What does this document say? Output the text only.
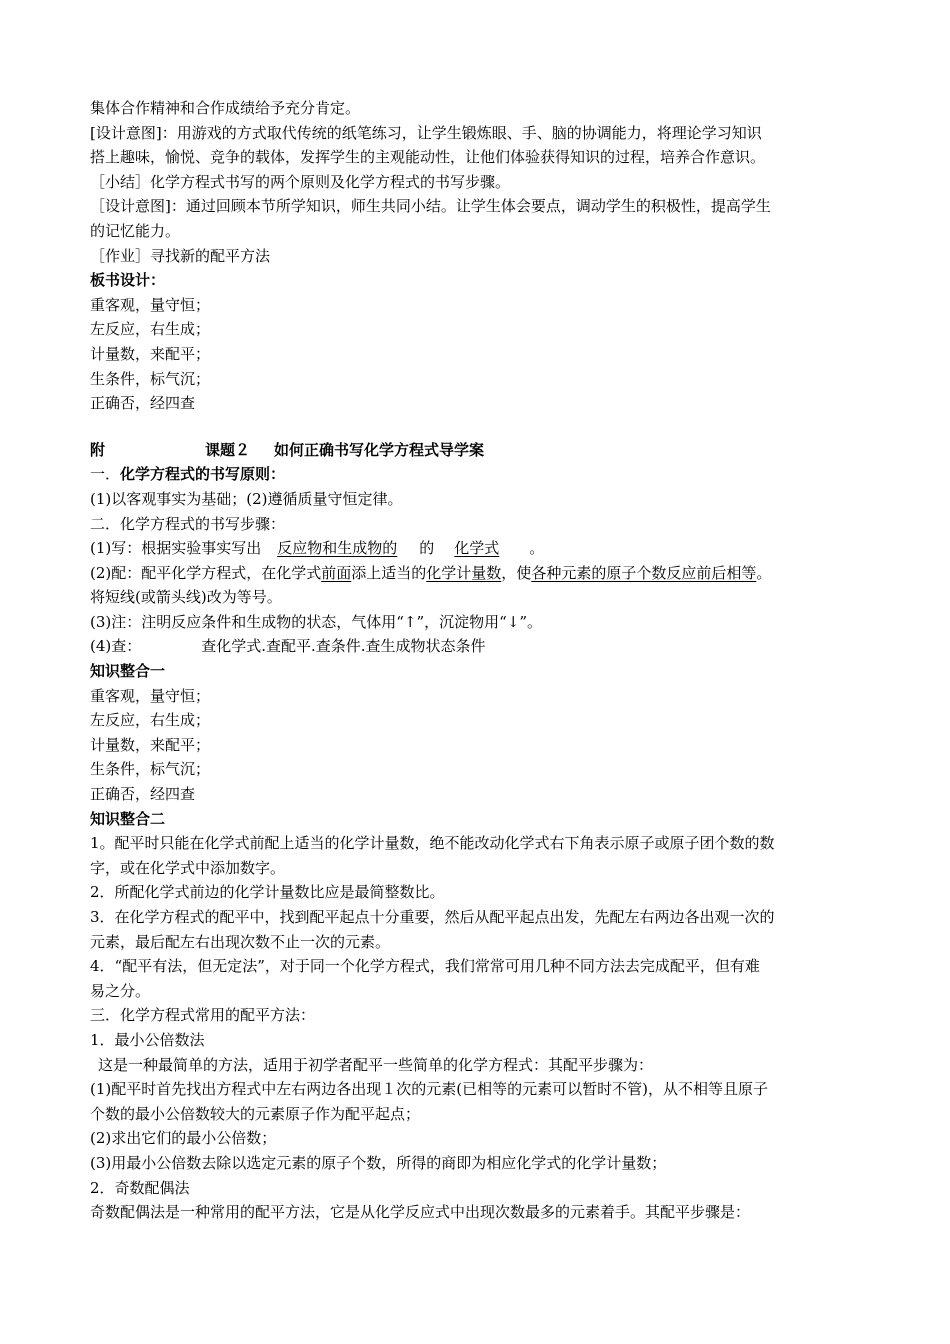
集体合作精神和合作成绩给予充分肯定。
[设计意图]：用游戏的方式取代传统的纸笔练习，让学生锻炼眼、手、脑的协调能力，将理论学习知识
搭上趣味，愉悦、竞争的载体，发挥学生的主观能动性，让他们体验获得知识的过程，培养合作意识。
［小结］化学方程式书写的两个原则及化学方程式的书写步骤。
［设计意图]：通过回顾本节所学知识，师生共同小结。让学生体会要点，调动学生的积极性，提高学生
的记忆能力。
［作业］寻找新的配平方法
板书设计：
重客观，量守恒；
左反应，右生成；
计量数，来配平；
生条件，标气沉；
正确否，经四查
附	课题２ 如何正确书写化学方程式导学案
一．化学方程式的书写原则：
(1)以客观事实为基础；(2)遵循质量守恒定律。
二．化学方程式的书写步骤：
(1)写：根据实验事实写出 反应物和生成物的 的 化学式 。
(2)配：配平化学方程式，在化学式前面添上适当的化学计量数，使各种元素的原子个数反应前后相等。
将短线(或箭头线)改为等号。
(3)注：注明反应条件和生成物的状态，气体用“↑”，沉淀物用“↓”。
(4)查：	查化学式.查配平.查条件.查生成物状态条件
知识整合一
重客观，量守恒；
左反应，右生成；
计量数，来配平；
生条件，标气沉；
正确否，经四查
知识整合二
1。配平时只能在化学式前配上适当的化学计量数，绝不能改动化学式右下角表示原子或原子团个数的数
字，或在化学式中添加数字。
2．所配化学式前边的化学计量数比应是最简整数比。
3．在化学方程式的配平中，找到配平起点十分重要，然后从配平起点出发，先配左右两边各出观一次的
元素，最后配左右出现次数不止一次的元素。
4．“配平有法，但无定法”，对于同一个化学方程式，我们常常可用几种不同方法去完成配平，但有难
易之分。
三．化学方程式常用的配平方法：
1．最小公倍数法
这是一种最简单的方法，适用于初学者配平一些简单的化学方程式：其配平步骤为：
(1)配平时首先找出方程式中左右两边各出现１次的元素(已相等的元素可以暂时不管)，从不相等且原子
个数的最小公倍数较大的元素原子作为配平起点；
(2)求出它们的最小公倍数；
(3)用最小公倍数去除以选定元素的原子个数，所得的商即为相应化学式的化学计量数；
2．奇数配偶法
奇数配偶法是一种常用的配平方法，它是从化学反应式中出现次数最多的元素着手。其配平步骤是：
